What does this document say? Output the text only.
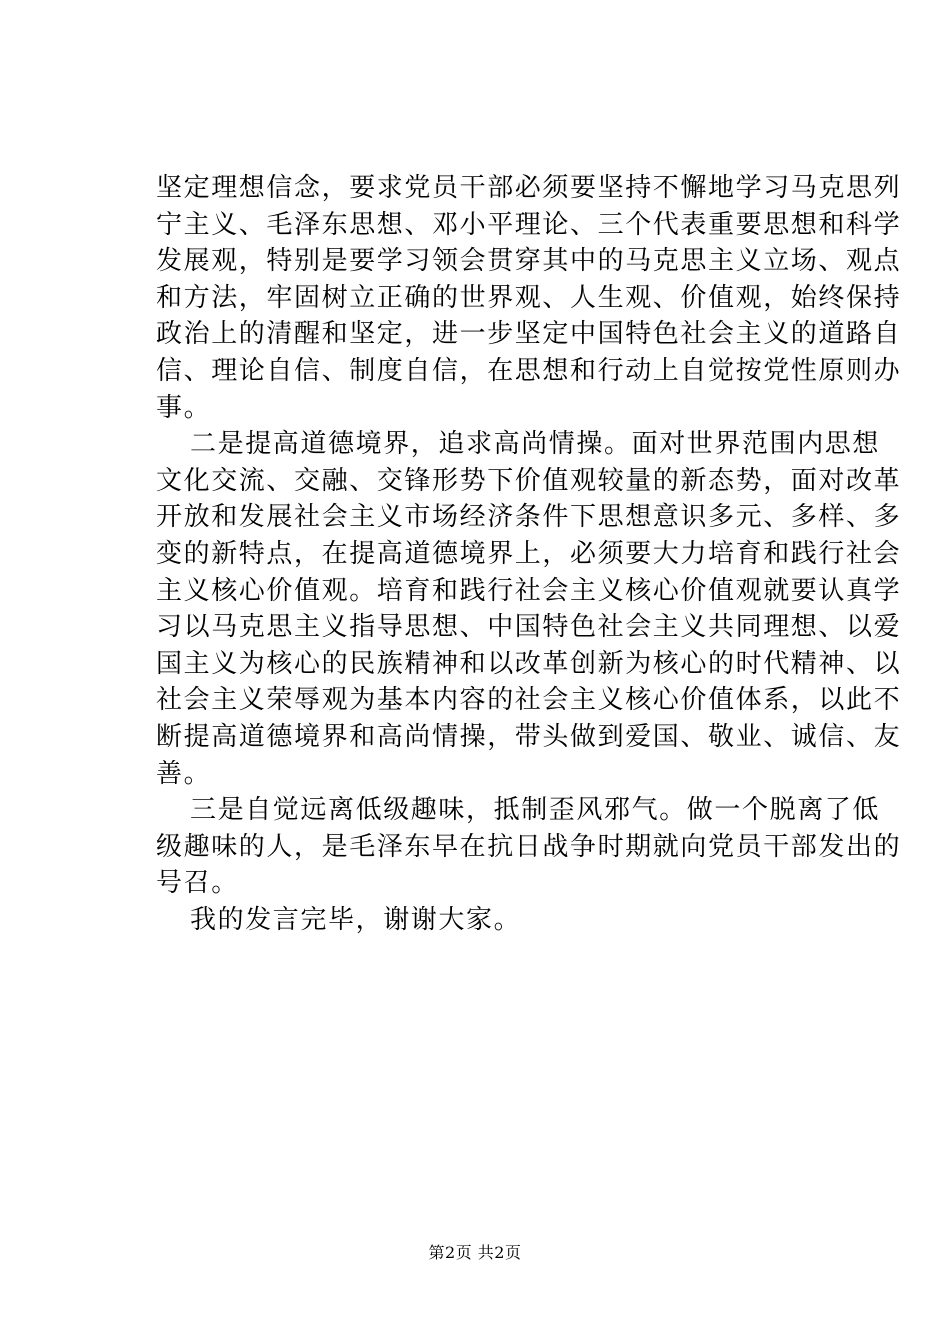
坚定理想信念，要求党员干部必须要坚持不懈地学习马克思列
宁主义、毛泽东思想、邓小平理论、三个代表重要思想和科学
发展观，特别是要学习领会贯穿其中的马克思主义立场、观点
和方法，牢固树立正确的世界观、人生观、价值观，始终保持
政治上的清醒和坚定，进一步坚定中国特色社会主义的道路自
信、理论自信、制度自信，在思想和行动上自觉按党性原则办
事。
二是提高道德境界，追求高尚情操。面对世界范围内思想
文化交流、交融、交锋形势下价值观较量的新态势，面对改革
开放和发展社会主义市场经济条件下思想意识多元、多样、多
变的新特点，在提高道德境界上，必须要大力培育和践行社会
主义核心价值观。培育和践行社会主义核心价值观就要认真学
习以马克思主义指导思想、中国特色社会主义共同理想、以爱
国主义为核心的民族精神和以改革创新为核心的时代精神、以
社会主义荣辱观为基本内容的社会主义核心价值体系，以此不
断提高道德境界和高尚情操，带头做到爱国、敬业、诚信、友
善。
三是自觉远离低级趣味，抵制歪风邪气。做一个脱离了低
级趣味的人，是毛泽东早在抗日战争时期就向党员干部发出的
号召。
我的发言完毕，谢谢大家。
第2页 共2页
